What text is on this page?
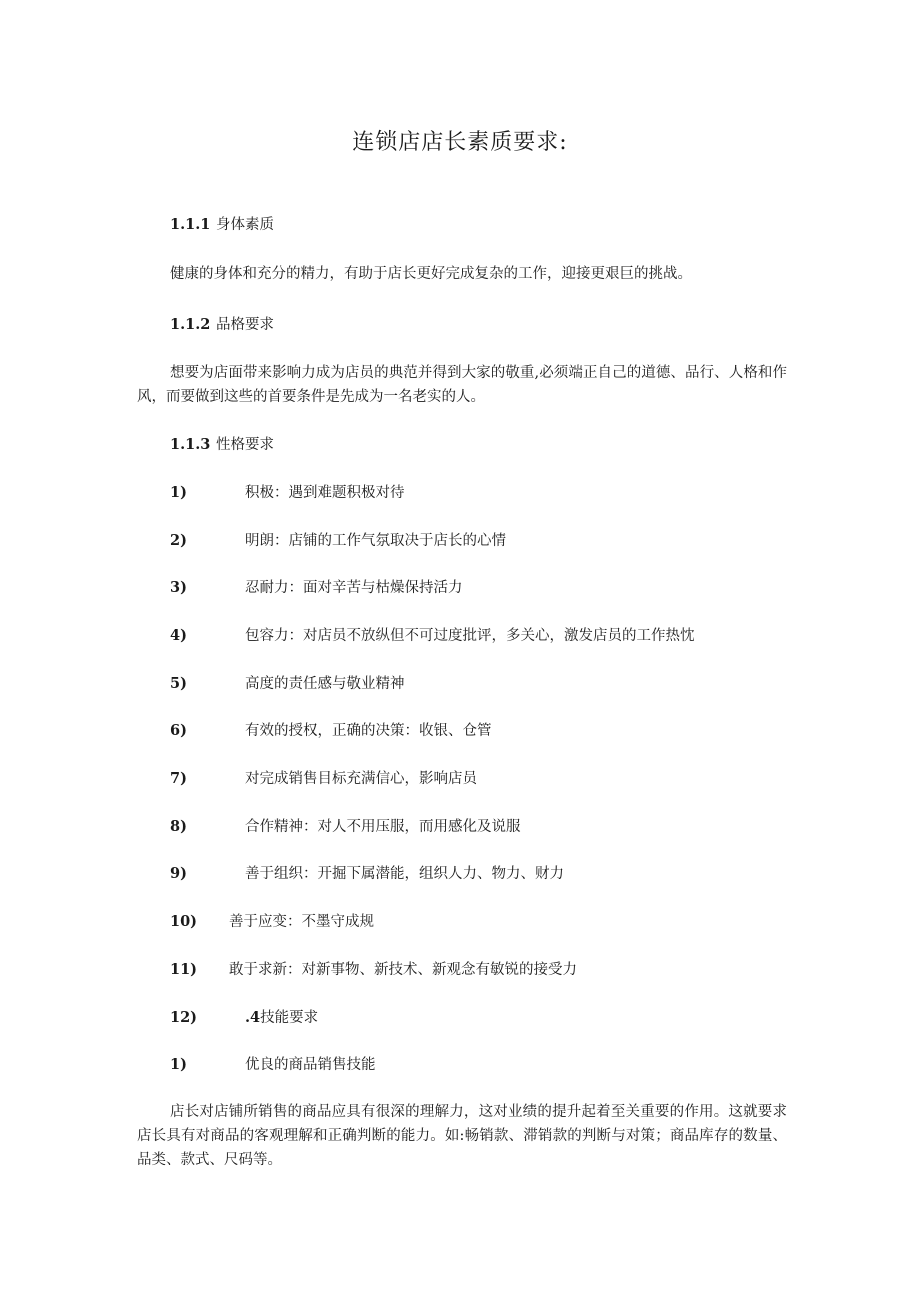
连锁店店长素质要求:
1.1.1 身体素质
健康的身体和充分的精力，有助于店长更好完成复杂的工作，迎接更艰巨的挑战。
1.1.2 品格要求
想要为店面带来影响力成为店员的典范并得到大家的敬重,必须端正自己的道德、品行、人格和作风，而要做到这些的首要条件是先成为一名老实的人。
1.1.3 性格要求
1)	积极：遇到难题积极对待
2)	明朗：店铺的工作气氛取决于店长的心情
3)	忍耐力：面对辛苦与枯燥保持活力
4)	包容力：对店员不放纵但不可过度批评，多关心，激发店员的工作热忱
5)	高度的责任感与敬业精神
6)	有效的授权，正确的决策：收银、仓管
7)	对完成销售目标充满信心，影响店员
8)	合作精神：对人不用压服，而用感化及说服
9)	善于组织：开掘下属潜能，组织人力、物力、财力
10) 善于应变：不墨守成规
11) 敢于求新：对新事物、新技术、新观念有敏锐的接受力
12)	.4技能要求
1)	优良的商品销售技能
店长对店铺所销售的商品应具有很深的理解力，这对业绩的提升起着至关重要的作用。这就要求店长具有对商品的客观理解和正确判断的能力。如:畅销款、滞销款的判断与对策；商品库存的数量、品类、款式、尺码等。
